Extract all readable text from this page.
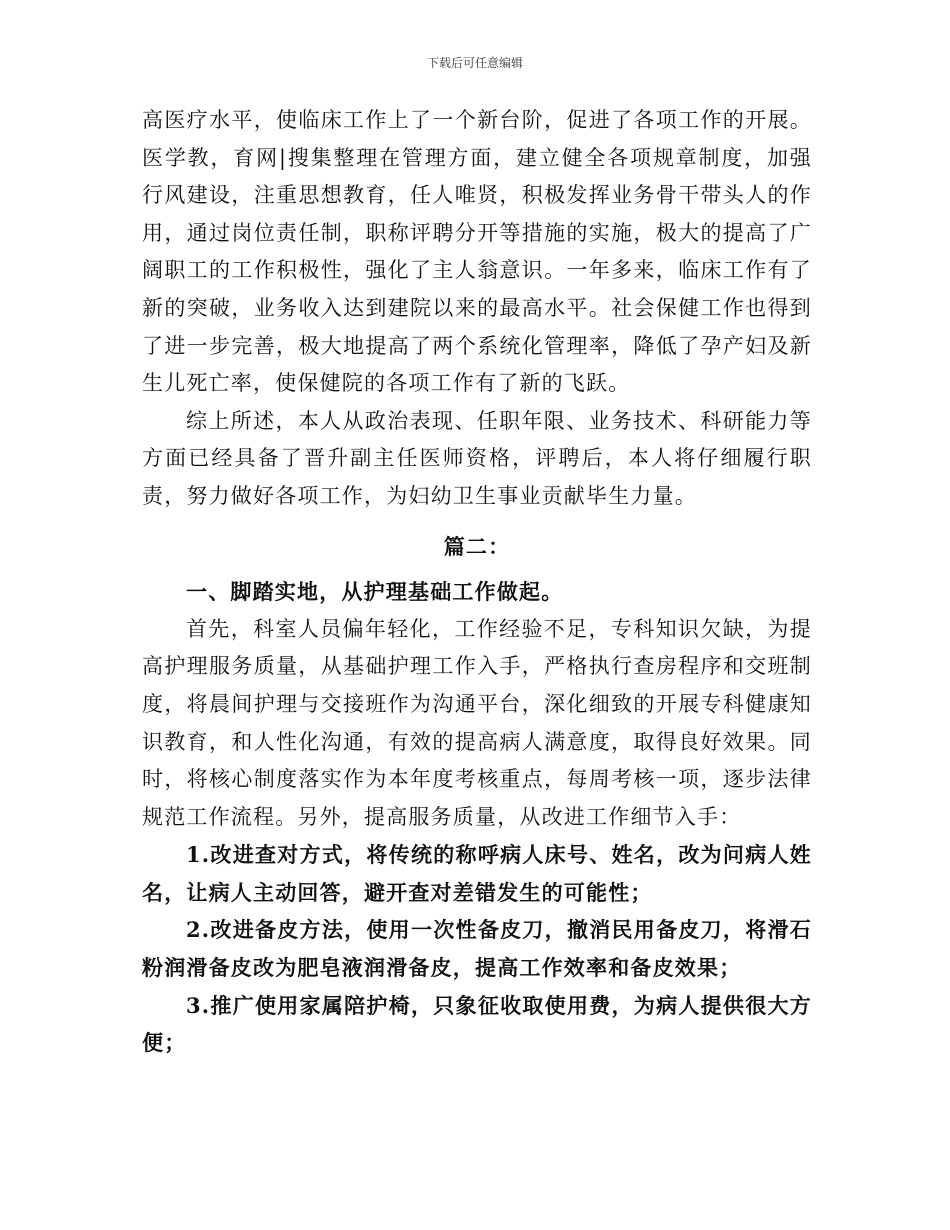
下载后可任意编辑

高医疗水平，使临床工作上了一个新台阶，促进了各项工作的开展。医学教，育网|搜集整理在管理方面，建立健全各项规章制度，加强行风建设，注重思想教育，任人唯贤，积极发挥业务骨干带头人的作用，通过岗位责任制，职称评聘分开等措施的实施，极大的提高了广阔职工的工作积极性，强化了主人翁意识。一年多来，临床工作有了新的突破，业务收入达到建院以来的最高水平。社会保健工作也得到了进一步完善，极大地提高了两个系统化管理率，降低了孕产妇及新生儿死亡率，使保健院的各项工作有了新的飞跃。

综上所述，本人从政治表现、任职年限、业务技术、科研能力等方面已经具备了晋升副主任医师资格，评聘后，本人将仔细履行职责，努力做好各项工作，为妇幼卫生事业贡献毕生力量。

篇二：

一、脚踏实地，从护理基础工作做起。

首先，科室人员偏年轻化，工作经验不足，专科知识欠缺，为提高护理服务质量，从基础护理工作入手，严格执行查房程序和交班制度，将晨间护理与交接班作为沟通平台，深化细致的开展专科健康知识教育，和人性化沟通，有效的提高病人满意度，取得良好效果。同时，将核心制度落实作为本年度考核重点，每周考核一项，逐步法律规范工作流程。另外，提高服务质量，从改进工作细节入手：

1.改进查对方式，将传统的称呼病人床号、姓名，改为问病人姓名，让病人主动回答，避开查对差错发生的可能性；

2.改进备皮方法，使用一次性备皮刀，撤消民用备皮刀，将滑石粉润滑备皮改为肥皂液润滑备皮，提高工作效率和备皮效果；

3.推广使用家属陪护椅，只象征收取使用费，为病人提供很大方便；
